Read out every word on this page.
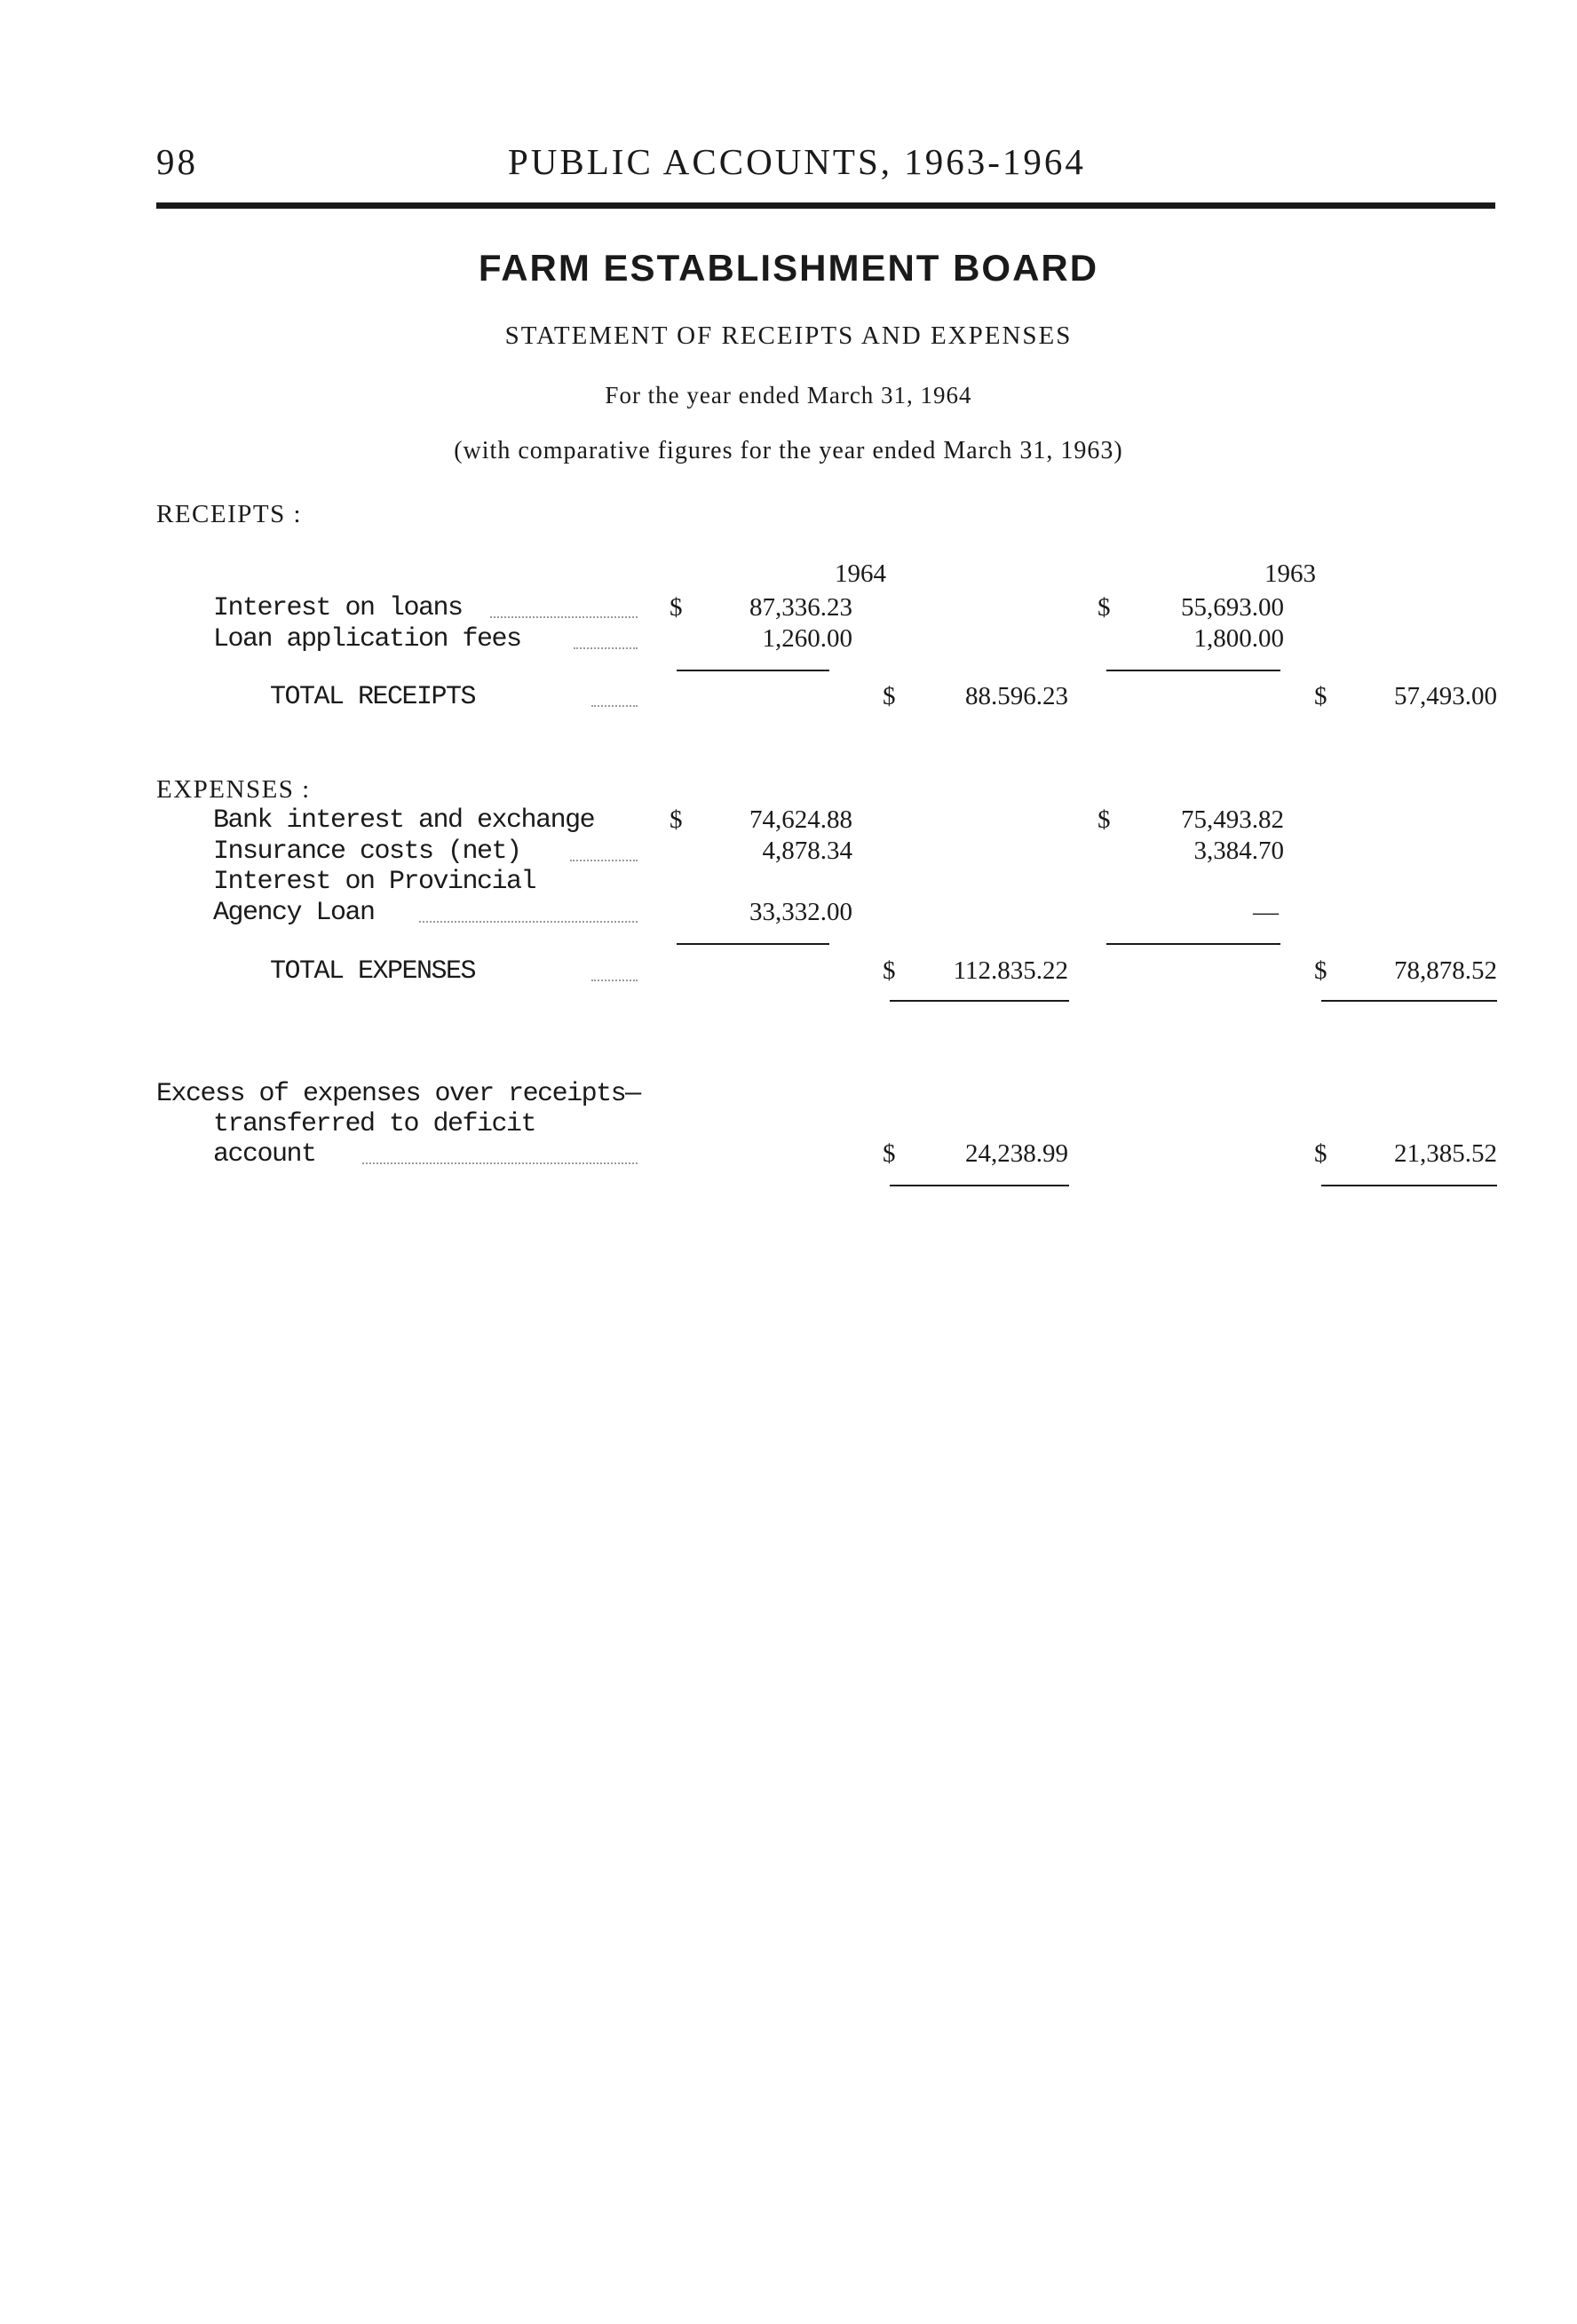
98	PUBLIC ACCOUNTS, 1963-1964
FARM ESTABLISHMENT BOARD
STATEMENT OF RECEIPTS AND EXPENSES
For the year ended March 31, 1964
(with comparative figures for the year ended March 31, 1963)
RECEIPTS :
1964	1963
Interest on loans	$	87,336.23	$	55,693.00
Loan application fees	1,260.00	1,800.00
TOTAL RECEIPTS	$	88.596.23	$	57,493.00
EXPENSES :
Bank interest and exchange	$	74,624.88	$	75,493.82
Insurance costs (net)	4,878.34	3,384.70
Interest on Provincial
Agency Loan	33,332.00	—
TOTAL EXPENSES	$	112.835.22	$	78,878.52
Excess of expenses over receipts—
transferred to deficit
account	$	24,238.99	$	21,385.52
